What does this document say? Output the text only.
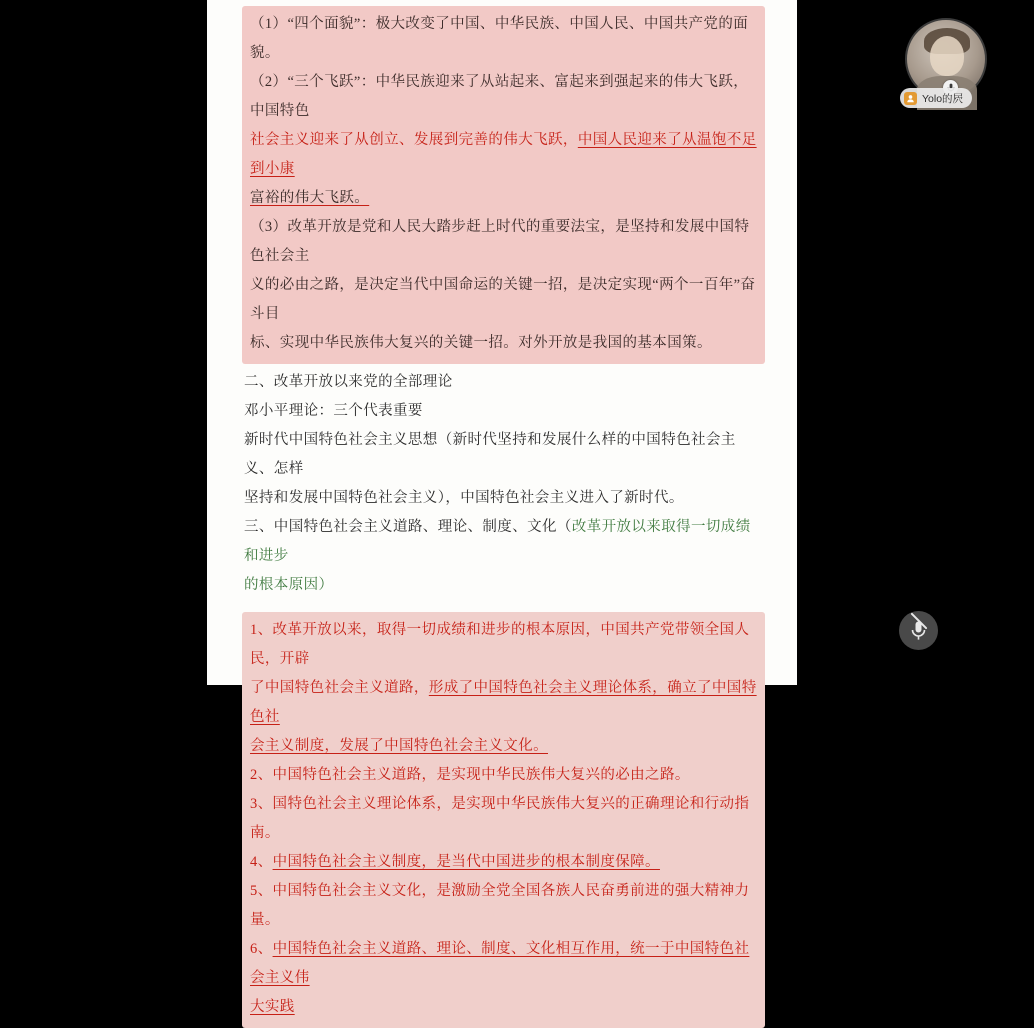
（1）“四个面貌”：极大改变了中国、中华民族、中国人民、中国共产党的面貌。
（2）“三个飞跃”：中华民族迎来了从站起来、富起来到强起来的伟大飞跃，中国特色
社会主义迎来了从创立、发展到完善的伟大飞跃，中国人民迎来了从温饱不足到小康
富裕的伟大飞跃。
（3）改革开放是党和人民大踏步赶上时代的重要法宝，是坚持和发展中国特色社会主
义的必由之路，是决定当代中国命运的关键一招，是决定实现“两个一百年”奋斗目
标、实现中华民族伟大复兴的关键一招。对外开放是我国的基本国策。
二、改革开放以来党的全部理论
邓小平理论：三个代表重要
新时代中国特色社会主义思想（新时代坚持和发展什么样的中国特色社会主义、怎样
坚持和发展中国特色社会主义），中国特色社会主义进入了新时代。
三、中国特色社会主义道路、理论、制度、文化（改革开放以来取得一切成绩和进步
的根本原因）
1、改革开放以来，取得一切成绩和进步的根本原因，中国共产党带领全国人民，开辟
了中国特色社会主义道路，形成了中国特色社会主义理论体系，确立了中国特色社
会主义制度，发展了中国特色社会主义文化。
2、中国特色社会主义道路，是实现中华民族伟大复兴的必由之路。
3、国特色社会主义理论体系，是实现中华民族伟大复兴的正确理论和行动指南。
4、中国特色社会主义制度，是当代中国进步的根本制度保障。
5、中国特色社会主义文化，是激励全党全国各族人民奋勇前进的强大精神力量。
6、中国特色社会主义道路、理论、制度、文化相互作用，统一于中国特色社会主义伟
大实践
Yolo的屄
